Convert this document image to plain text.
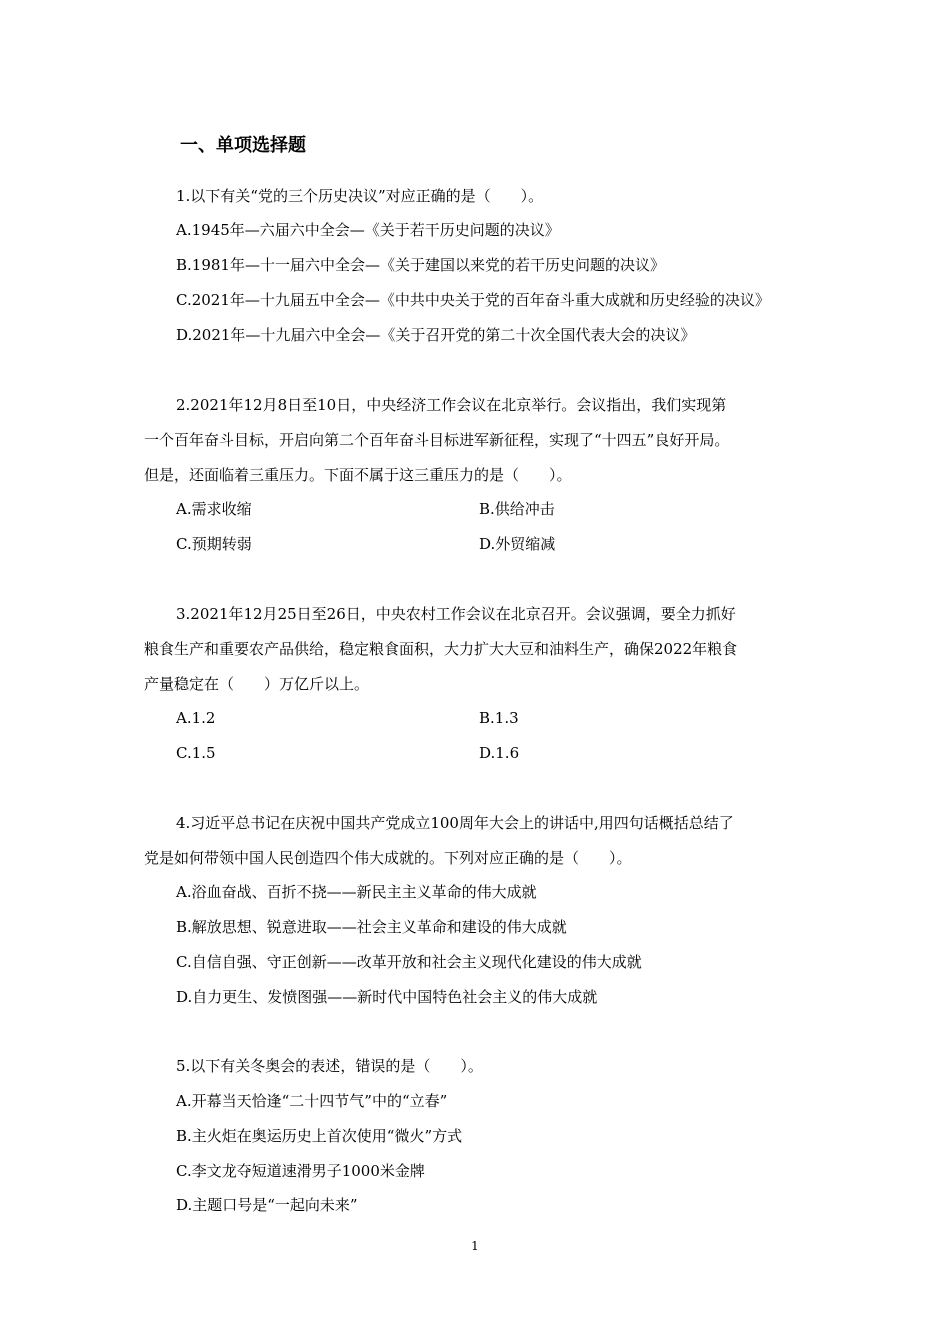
一、单项选择题
1.以下有关“党的三个历史决议”对应正确的是（　　）。
A.1945年—六届六中全会—《关于若干历史问题的决议》
B.1981年—十一届六中全会—《关于建国以来党的若干历史问题的决议》
C.2021年—十九届五中全会—《中共中央关于党的百年奋斗重大成就和历史经验的决议》
D.2021年—十九届六中全会—《关于召开党的第二十次全国代表大会的决议》
2.2021年12月8日至10日，中央经济工作会议在北京举行。会议指出，我们实现第
一个百年奋斗目标，开启向第二个百年奋斗目标进军新征程，实现了“十四五”良好开局。
但是，还面临着三重压力。下面不属于这三重压力的是（　　）。
A.需求收缩	B.供给冲击
C.预期转弱	D.外贸缩减
3.2021年12月25日至26日，中央农村工作会议在北京召开。会议强调，要全力抓好
粮食生产和重要农产品供给，稳定粮食面积，大力扩大大豆和油料生产，确保2022年粮食
产量稳定在（　　）万亿斤以上。
A.1.2	B.1.3
C.1.5	D.1.6
4.习近平总书记在庆祝中国共产党成立100周年大会上的讲话中,用四句话概括总结了
党是如何带领中国人民创造四个伟大成就的。下列对应正确的是（　　）。
A.浴血奋战、百折不挠——新民主主义革命的伟大成就
B.解放思想、锐意进取——社会主义革命和建设的伟大成就
C.自信自强、守正创新——改革开放和社会主义现代化建设的伟大成就
D.自力更生、发愤图强——新时代中国特色社会主义的伟大成就
5.以下有关冬奥会的表述，错误的是（　　）。
A.开幕当天恰逢“二十四节气”中的“立春”
B.主火炬在奥运历史上首次使用“微火”方式
C.李文龙夺短道速滑男子1000米金牌
D.主题口号是“一起向未来”
1
